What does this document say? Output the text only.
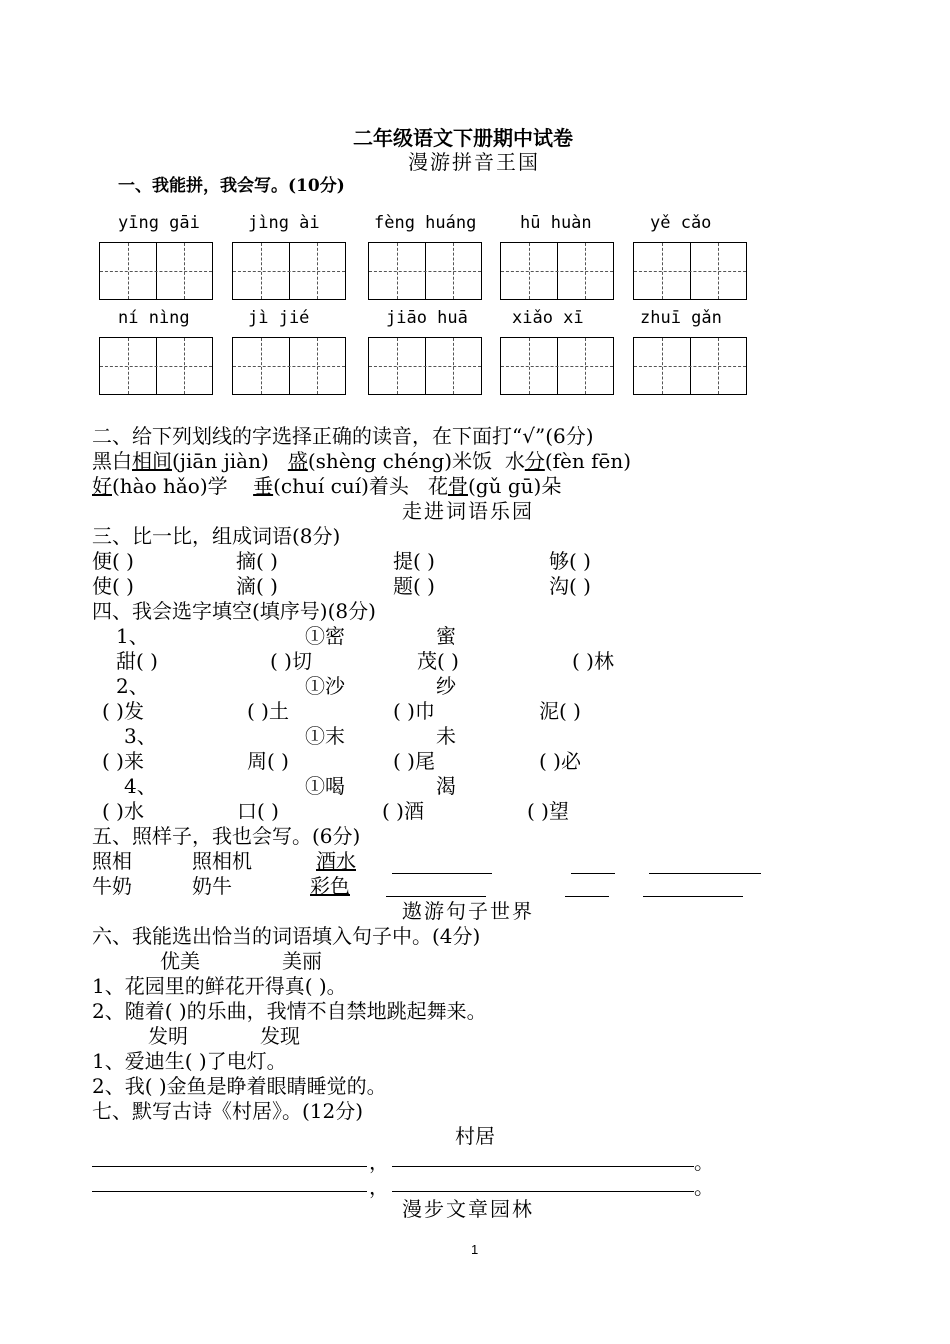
二年级语文下册期中试卷
漫游拼音王国
一、我能拼，我会写。(10分)
yīng gāi	jìng ài	fèng huáng	hū huàn	yě cǎo
ní nìng	jì jié	jiāo huā	xiǎo xī	zhuī gǎn
二、给下列划线的字选择正确的读音，在下面打“√”(6分)
黑白相间(jiān jiàn) 盛(shèng chéng)米饭 水分(fèn fēn)
好(hào hǎo)学 垂(chuí cuí)着头 花骨(gǔ gū)朵
走进词语乐园
三、比一比，组成词语(8分)
便( )	摘( )	提( )	够( )
使( )	滴( )	题( )	沟( )
四、我会选字填空(填序号)(8分)
1、	①密	蜜
甜( )	( )切	茂( )	( )林
2、	①沙	纱
( )发	( )土	( )巾	泥( )
3、	①末	未
( )来	周( )	( )尾	( )必
4、	①喝	渴
( )水	口( )	( )酒	( )望
五、照样子，我也会写。(6分)
照相	照相机	酒水
牛奶	奶牛	彩色
遨游句子世界
六、我能选出恰当的词语填入句子中。(4分)
优美	美丽
1、花园里的鲜花开得真( )。
2、随着( )的乐曲，我情不自禁地跳起舞来。
发明	发现
1、爱迪生( )了电灯。
2、我( )金鱼是睁着眼睛睡觉的。
七、默写古诗《村居》。(12分)
村居
，	。
，	。
漫步文章园林
1
